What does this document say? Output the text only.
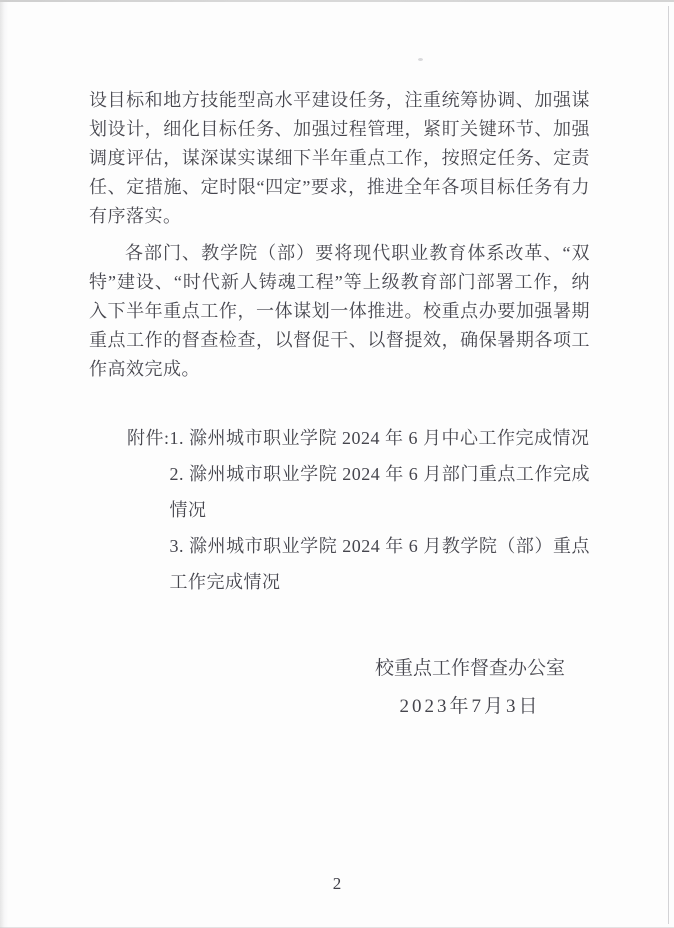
设目标和地方技能型高水平建设任务，注重统筹协调、加强谋划设计，细化目标任务、加强过程管理，紧盯关键环节、加强调度评估，谋深谋实谋细下半年重点工作，按照定任务、定责任、定措施、定时限“四定”要求，推进全年各项目标任务有力有序落实。

各部门、教学院（部）要将现代职业教育体系改革、“双特”建设、“时代新人铸魂工程”等上级教育部门部署工作，纳入下半年重点工作，一体谋划一体推进。校重点办要加强暑期重点工作的督查检查，以督促干、以督提效，确保暑期各项工作高效完成。

附件: 1. 滁州城市职业学院 2024 年 6 月中心工作完成情况
2. 滁州城市职业学院 2024 年 6 月部门重点工作完成情况
3. 滁州城市职业学院 2024 年 6 月教学院（部）重点工作完成情况
校重点工作督查办公室
2023年7月3日
2
